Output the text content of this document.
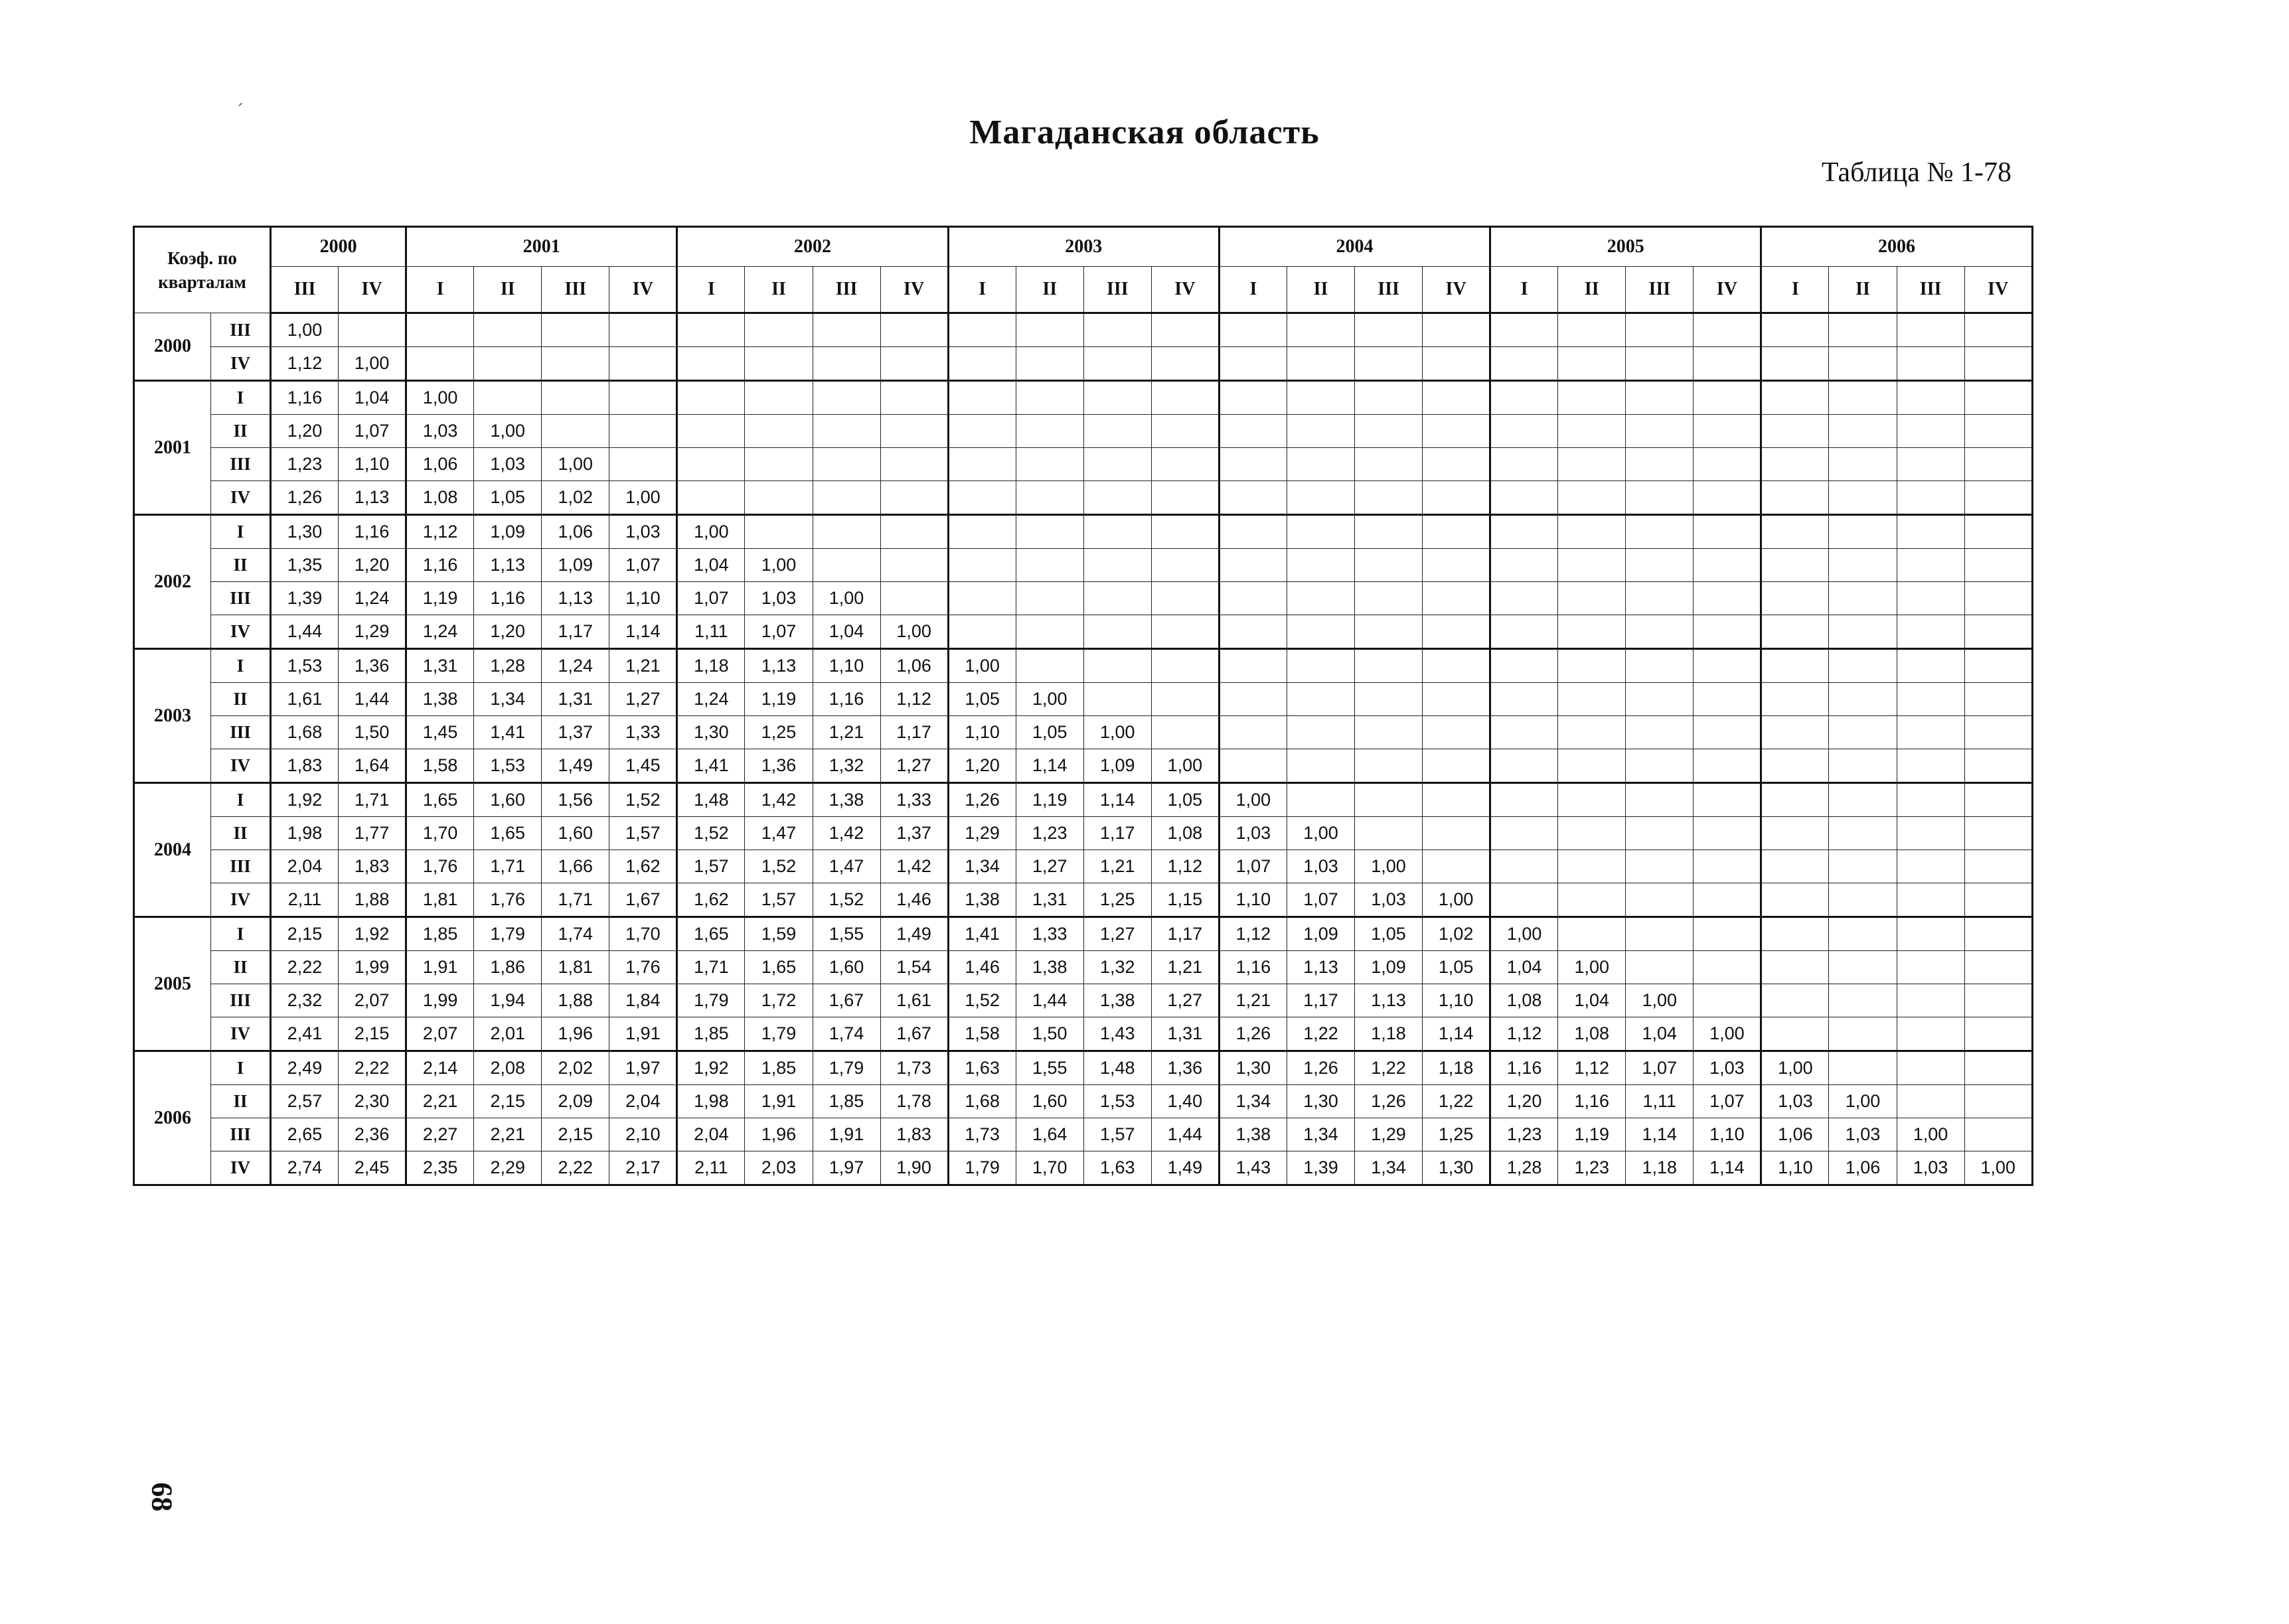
ˊ
Магаданская область
Таблица № 1-78
Коэф. по
кварталам		2000		2001				2002				2003				2004				2005				2006			
		III	IV	I	II	III	IV	I	II	III	IV	I	II	III	IV	I	II	III	IV	I	II	III	IV	I	II	III	IV
2000	III	1,00																									
	IV	1,12	1,00																								
2001	I	1,16	1,04	1,00																							
	II	1,20	1,07	1,03	1,00																						
	III	1,23	1,10	1,06	1,03	1,00																					
	IV	1,26	1,13	1,08	1,05	1,02	1,00																				
2002	I	1,30	1,16	1,12	1,09	1,06	1,03	1,00																			
	II	1,35	1,20	1,16	1,13	1,09	1,07	1,04	1,00																		
	III	1,39	1,24	1,19	1,16	1,13	1,10	1,07	1,03	1,00																	
	IV	1,44	1,29	1,24	1,20	1,17	1,14	1,11	1,07	1,04	1,00																
2003	I	1,53	1,36	1,31	1,28	1,24	1,21	1,18	1,13	1,10	1,06	1,00															
	II	1,61	1,44	1,38	1,34	1,31	1,27	1,24	1,19	1,16	1,12	1,05	1,00														
	III	1,68	1,50	1,45	1,41	1,37	1,33	1,30	1,25	1,21	1,17	1,10	1,05	1,00													
	IV	1,83	1,64	1,58	1,53	1,49	1,45	1,41	1,36	1,32	1,27	1,20	1,14	1,09	1,00												
2004	I	1,92	1,71	1,65	1,60	1,56	1,52	1,48	1,42	1,38	1,33	1,26	1,19	1,14	1,05	1,00											
	II	1,98	1,77	1,70	1,65	1,60	1,57	1,52	1,47	1,42	1,37	1,29	1,23	1,17	1,08	1,03	1,00										
	III	2,04	1,83	1,76	1,71	1,66	1,62	1,57	1,52	1,47	1,42	1,34	1,27	1,21	1,12	1,07	1,03	1,00									
	IV	2,11	1,88	1,81	1,76	1,71	1,67	1,62	1,57	1,52	1,46	1,38	1,31	1,25	1,15	1,10	1,07	1,03	1,00								
2005	I	2,15	1,92	1,85	1,79	1,74	1,70	1,65	1,59	1,55	1,49	1,41	1,33	1,27	1,17	1,12	1,09	1,05	1,02	1,00							
	II	2,22	1,99	1,91	1,86	1,81	1,76	1,71	1,65	1,60	1,54	1,46	1,38	1,32	1,21	1,16	1,13	1,09	1,05	1,04	1,00						
	III	2,32	2,07	1,99	1,94	1,88	1,84	1,79	1,72	1,67	1,61	1,52	1,44	1,38	1,27	1,21	1,17	1,13	1,10	1,08	1,04	1,00					
	IV	2,41	2,15	2,07	2,01	1,96	1,91	1,85	1,79	1,74	1,67	1,58	1,50	1,43	1,31	1,26	1,22	1,18	1,14	1,12	1,08	1,04	1,00				
2006	I	2,49	2,22	2,14	2,08	2,02	1,97	1,92	1,85	1,79	1,73	1,63	1,55	1,48	1,36	1,30	1,26	1,22	1,18	1,16	1,12	1,07	1,03	1,00			
	II	2,57	2,30	2,21	2,15	2,09	2,04	1,98	1,91	1,85	1,78	1,68	1,60	1,53	1,40	1,34	1,30	1,26	1,22	1,20	1,16	1,11	1,07	1,03	1,00		
	III	2,65	2,36	2,27	2,21	2,15	2,10	2,04	1,96	1,91	1,83	1,73	1,64	1,57	1,44	1,38	1,34	1,29	1,25	1,23	1,19	1,14	1,10	1,06	1,03	1,00	
	IV	2,74	2,45	2,35	2,29	2,22	2,17	2,11	2,03	1,97	1,90	1,79	1,70	1,63	1,49	1,43	1,39	1,34	1,30	1,28	1,23	1,18	1,14	1,10	1,06	1,03	1,00
68
